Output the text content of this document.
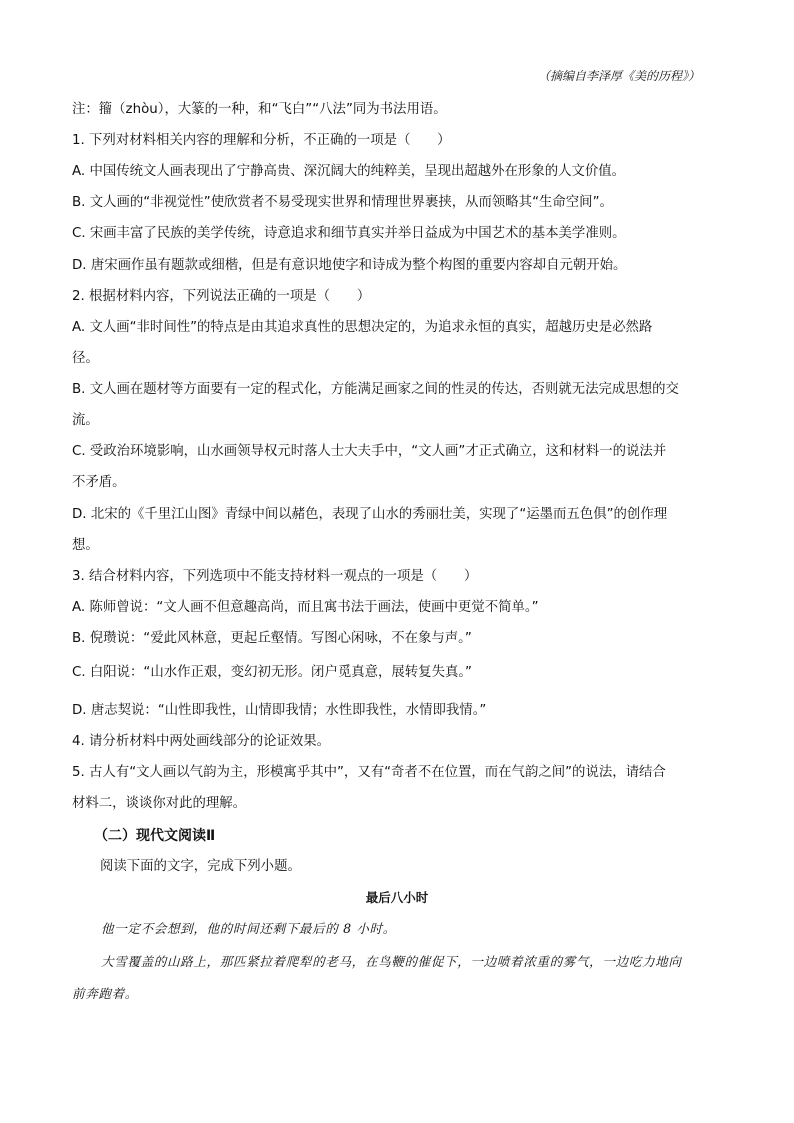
（摘编自李泽厚《美的历程》）
注：籀（zhòu），大篆的一种，和“飞白”“八法”同为书法用语。
1. 下列对材料相关内容的理解和分析，不正确的一项是（　　）
A. 中国传统文人画表现出了宁静高贵、深沉阔大的纯粹美，呈现出超越外在形象的人文价值。
B. 文人画的“非视觉性”使欣赏者不易受现实世界和情理世界裹挟，从而领略其“生命空间”。
C. 宋画丰富了民族的美学传统，诗意追求和细节真实并举日益成为中国艺术的基本美学准则。
D. 唐宋画作虽有题款或细楷，但是有意识地使字和诗成为整个构图的重要内容却自元朝开始。
2. 根据材料内容，下列说法正确的一项是（　　）
A. 文人画“非时间性”的特点是由其追求真性的思想决定的，为追求永恒的真实，超越历史是必然路
径。
B. 文人画在题材等方面要有一定的程式化，方能满足画家之间的性灵的传达，否则就无法完成思想的交
流。
C. 受政治环境影响，山水画领导权元时落人士大夫手中，“文人画”才正式确立，这和材料一的说法并
不矛盾。
D. 北宋的《千里江山图》青绿中间以赭色，表现了山水的秀丽壮美，实现了“运墨而五色俱”的创作理
想。
3. 结合材料内容，下列选项中不能支持材料一观点的一项是（　　）
A. 陈师曾说：“文人画不但意趣高尚，而且寓书法于画法，使画中更觉不简单。”
B. 倪瓒说：“爱此风林意，更起丘壑情。写图心闲咏，不在象与声。”
C. 白阳说：“山水作正艰，变幻初无形。闭户觅真意，展转复失真。”
D. 唐志契说：“山性即我性，山情即我情；水性即我性，水情即我情。”
4. 请分析材料中两处画线部分的论证效果。
5. 古人有“文人画以气韵为主，形模寓乎其中”，又有“奇者不在位置，而在气韵之间”的说法，请结合
材料二，谈谈你对此的理解。
（二）现代文阅读Ⅱ
阅读下面的文字，完成下列小题。
最后八小时
他一定不会想到，他的时间还剩下最后的 8 小时。
大雪覆盖的山路上，那匹紧拉着爬犁的老马，在鸟鞭的催促下，一边喷着浓重的雾气，一边吃力地向
前奔跑着。
